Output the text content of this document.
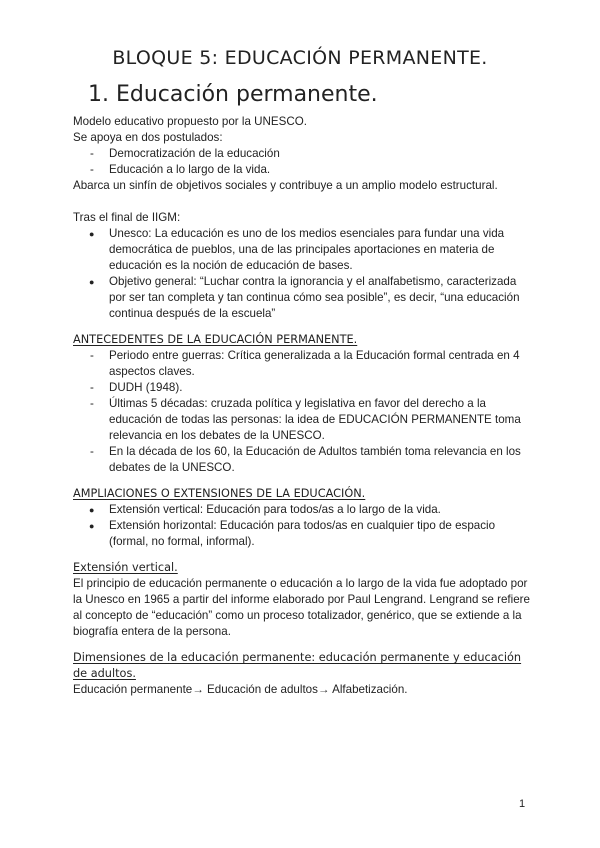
BLOQUE 5: EDUCACIÓN PERMANENTE.
1. Educación permanente.

Modelo educativo propuesto por la UNESCO.

Se apoya en dos postulados:

- Democratización de la educación
- Educación a lo largo de la vida.

Abarca un sinfín de objetivos sociales y contribuye a un amplio modelo estructural.

Tras el final de IIGM:

● Unesco: La educación es uno de los medios esenciales para fundar una vida democrática de pueblos, una de las principales aportaciones en materia de educación es la noción de educación de bases.
● Objetivo general: “Luchar contra la ignorancia y el analfabetismo, caracterizada por ser tan completa y tan continua cómo sea posible”, es decir, “una educación continua después de la escuela”

ANTECEDENTES DE LA EDUCACIÓN PERMANENTE.

- Periodo entre guerras: Crítica generalizada a la Educación formal centrada en 4 aspectos claves.
- DUDH (1948).
- Últimas 5 décadas: cruzada política y legislativa en favor del derecho a la educación de todas las personas: la idea de EDUCACIÓN PERMANENTE toma relevancia en los debates de la UNESCO.
- En la década de los 60, la Educación de Adultos también toma relevancia en los debates de la UNESCO.

AMPLIACIONES O EXTENSIONES DE LA EDUCACIÓN.

● Extensión vertical: Educación para todos/as a lo largo de la vida.
● Extensión horizontal: Educación para todos/as en cualquier tipo de espacio (formal, no formal, informal).

Extensión vertical.

El principio de educación permanente o educación a lo largo de la vida fue adoptado por la Unesco en 1965 a partir del informe elaborado por Paul Lengrand. Lengrand se refiere al concepto de “educación” como un proceso totalizador, genérico, que se extiende a la biografía entera de la persona.

Dimensiones de la educación permanente: educación permanente y educación de adultos.

Educación permanente→ Educación de adultos→ Alfabetización.

1
